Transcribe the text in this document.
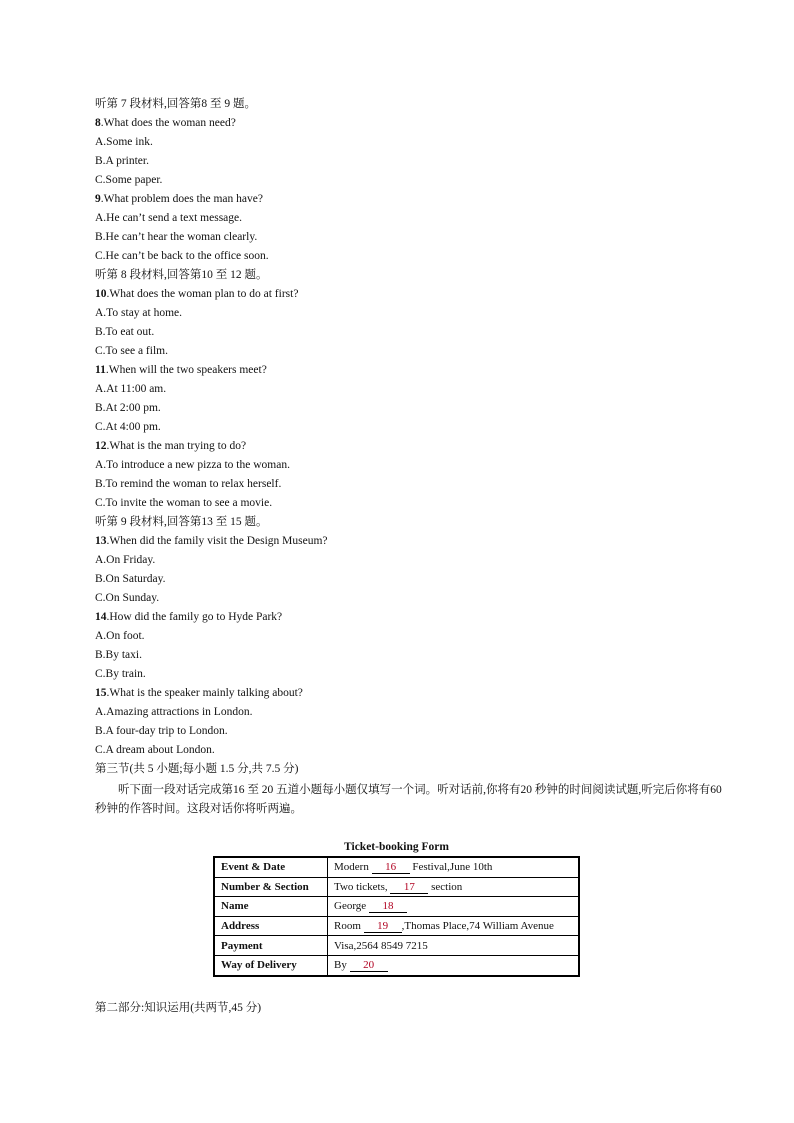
听第 7 段材料,回答第8 至 9 题。
8.What does the woman need?
A.Some ink.
B.A printer.
C.Some paper.
9.What problem does the man have?
A.He can’t send a text message.
B.He can’t hear the woman clearly.
C.He can’t be back to the office soon.
听第 8 段材料,回答第10 至 12 题。
10.What does the woman plan to do at first?
A.To stay at home.
B.To eat out.
C.To see a film.
11.When will the two speakers meet?
A.At 11:00 am.
B.At 2:00 pm.
C.At 4:00 pm.
12.What is the man trying to do?
A.To introduce a new pizza to the woman.
B.To remind the woman to relax herself.
C.To invite the woman to see a movie.
听第 9 段材料,回答第13 至 15 题。
13.When did the family visit the Design Museum?
A.On Friday.
B.On Saturday.
C.On Sunday.
14.How did the family go to Hyde Park?
A.On foot.
B.By taxi.
C.By train.
15.What is the speaker mainly talking about?
A.Amazing attractions in London.
B.A four-day trip to London.
C.A dream about London.
第三节(共 5 小题;每小题 1.5 分,共 7.5 分)

听下面一段对话完成第16 至 20 五道小题每小题仅填写一个词。听对话前,你将有20 秒钟的时间阅读试题,听完后你将有60 秒钟的作答时间。这段对话你将听两遍。

Ticket-booking Form
Event & Date	Modern 16 Festival,June 10th
Number & Section	Two tickets, 17 section
Name	George 18
Address	Room 19 ,Thomas Place,74 William Avenue
Payment	Visa,2564 8549 7215
Way of Delivery	By 20
第二部分:知识运用(共两节,45 分)
